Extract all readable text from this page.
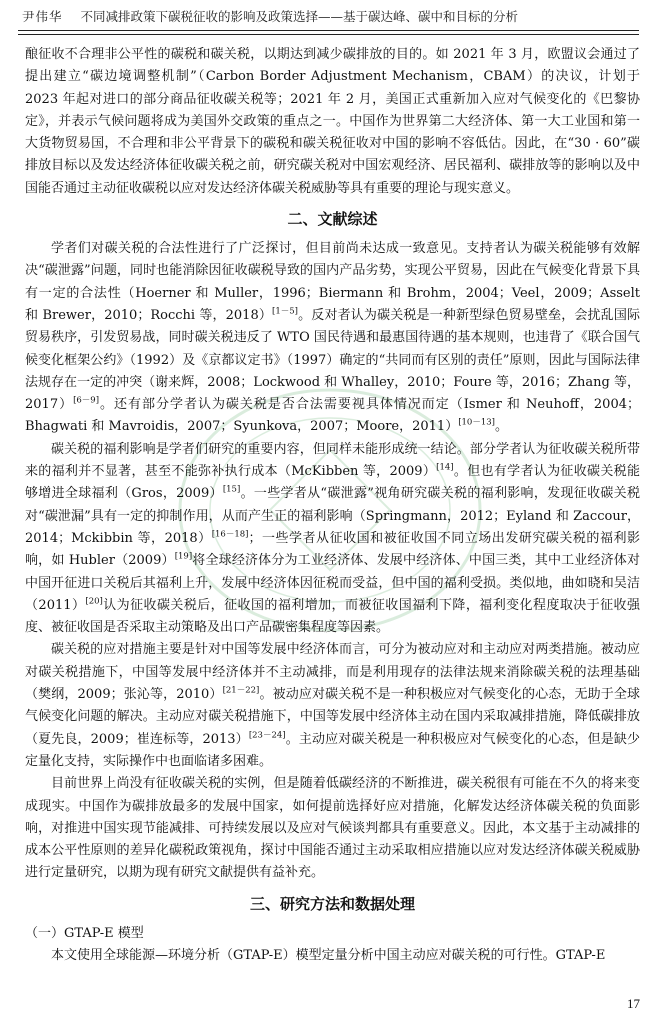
尹伟华 不同减排政策下碳税征收的影响及政策选择——基于碳达峰、碳中和目标的分析

酿征收不合理非公平性的碳税和碳关税，以期达到减少碳排放的目的。如 2021 年 3 月，欧盟议会通过了提出建立“碳边境调整机制”（Carbon Border Adjustment Mechanism，CBAM）的决议，计划于 2023 年起对进口的部分商品征收碳关税等；2021 年 2 月，美国正式重新加入应对气候变化的《巴黎协定》，并表示气候问题将成为美国外交政策的重点之一。中国作为世界第二大经济体、第一大工业国和第一大货物贸易国，不合理和非公平背景下的碳税和碳关税征收对中国的影响不容低估。因此，在“30 · 60”碳排放目标以及发达经济体征收碳关税之前，研究碳关税对中国宏观经济、居民福利、碳排放等的影响以及中国能否通过主动征收碳税以应对发达经济体碳关税威胁等具有重要的理论与现实意义。

二、文献综述

学者们对碳关税的合法性进行了广泛探讨，但目前尚未达成一致意见。支持者认为碳关税能够有效解决“碳泄露”问题，同时也能消除因征收碳税导致的国内产品劣势，实现公平贸易，因此在气候变化背景下具有一定的合法性（Hoerner 和 Muller，1996；Biermann 和 Brohm，2004；Veel，2009；Asselt 和 Brewer，2010；Rocchi 等，2018）[1－5]。反对者认为碳关税是一种新型绿色贸易壁垒，会扰乱国际贸易秩序，引发贸易战，同时碳关税违反了 WTO 国民待遇和最惠国待遇的基本规则，也违背了《联合国气候变化框架公约》（1992）及《京都议定书》（1997）确定的“共同而有区别的责任”原则，因此与国际法律法规存在一定的冲突（谢来辉，2008；Lockwood 和 Whalley，2010；Foure 等，2016；Zhang 等，2017）[6－9]。还有部分学者认为碳关税是否合法需要视具体情况而定（Ismer 和 Neuhoff，2004；Bhagwati 和 Mavroidis，2007；Syunkova，2007；Moore，2011）[10－13]。

碳关税的福利影响是学者们研究的重要内容，但同样未能形成统一结论。部分学者认为征收碳关税所带来的福利并不显著，甚至不能弥补执行成本（McKibben 等，2009）[14]。但也有学者认为征收碳关税能够增进全球福利（Gros，2009）[15]。一些学者从“碳泄露”视角研究碳关税的福利影响，发现征收碳关税对“碳泄漏”具有一定的抑制作用，从而产生正的福利影响（Springmann，2012；Eyland 和 Zaccour，2014；Mckibbin 等，2018）[16－18]；一些学者从征收国和被征收国不同立场出发研究碳关税的福利影响，如 Hubler（2009）[19]将全球经济体分为工业经济体、发展中经济体、中国三类，其中工业经济体对中国开征进口关税后其福利上升，发展中经济体因征税而受益，但中国的福利受损。类似地，曲如晓和吴洁（2011）[20]认为征收碳关税后，征收国的福利增加，而被征收国福利下降，福利变化程度取决于征收强度、被征收国是否采取主动策略及出口产品碳密集程度等因素。

碳关税的应对措施主要是针对中国等发展中经济体而言，可分为被动应对和主动应对两类措施。被动应对碳关税措施下，中国等发展中经济体并不主动减排，而是利用现存的法律法规来消除碳关税的法理基础（樊纲，2009；张沁等，2010）[21－22]。被动应对碳关税不是一种积极应对气候变化的心态，无助于全球气候变化问题的解决。主动应对碳关税措施下，中国等发展中经济体主动在国内采取减排措施，降低碳排放（夏先良，2009；崔连标等，2013）[23－24]。主动应对碳关税是一种积极应对气候变化的心态，但是缺少定量化支持，实际操作中也面临诸多困难。

目前世界上尚没有征收碳关税的实例，但是随着低碳经济的不断推进，碳关税很有可能在不久的将来变成现实。中国作为碳排放最多的发展中国家，如何提前选择好应对措施，化解发达经济体碳关税的负面影响，对推进中国实现节能减排、可持续发展以及应对气候谈判都具有重要意义。因此，本文基于主动减排的成本公平性原则的差异化碳税政策视角，探讨中国能否通过主动采取相应措施以应对发达经济体碳关税威胁进行定量研究，以期为现有研究文献提供有益补充。

三、研究方法和数据处理

（一）GTAP-E 模型

本文使用全球能源—环境分析（GTAP-E）模型定量分析中国主动应对碳关税的可行性。GTAP-E

17
